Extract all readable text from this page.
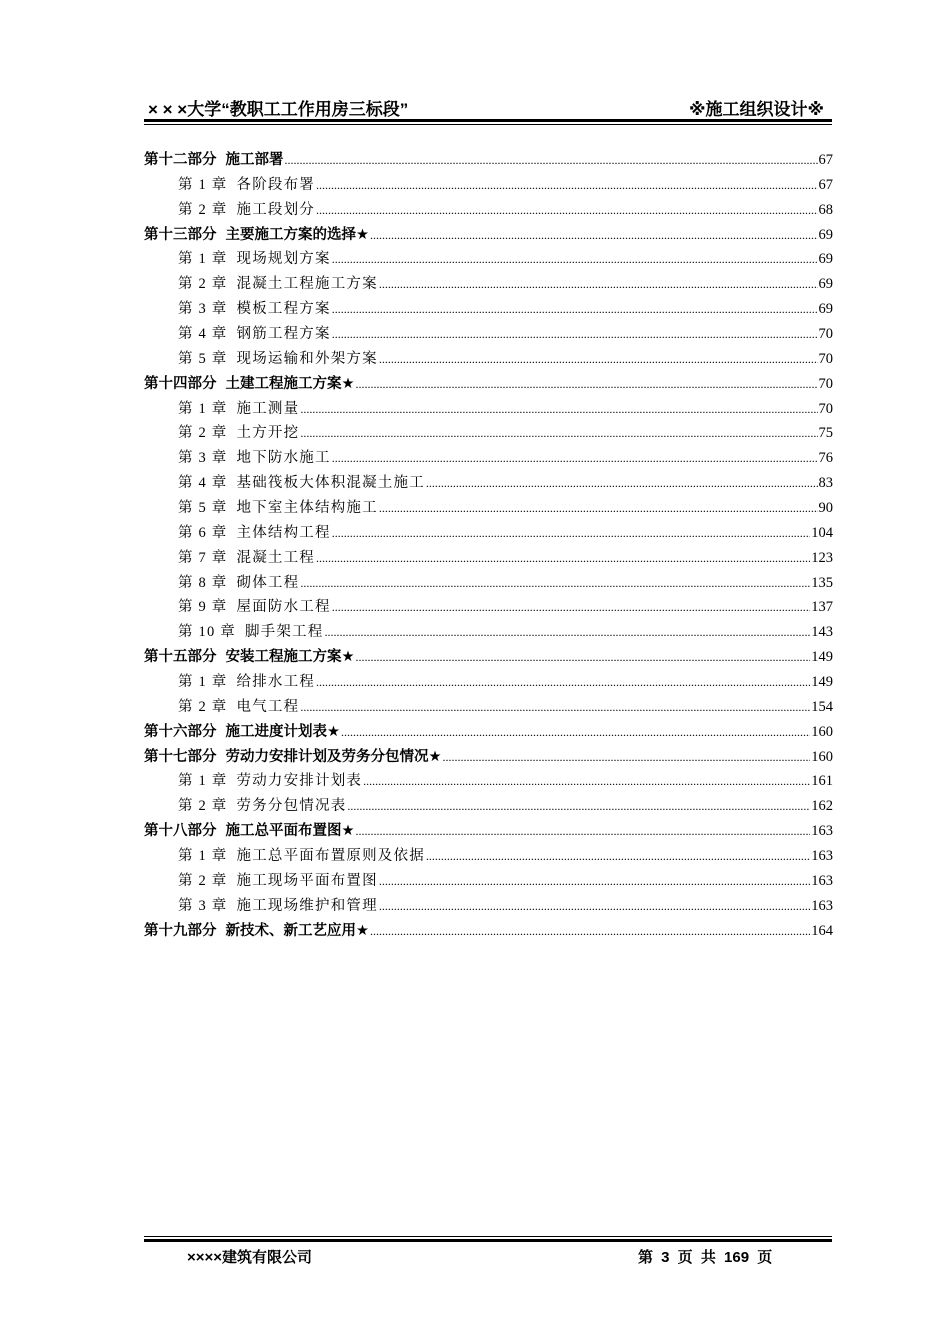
× × ×大学“教职工工作用房三标段”	※施工组织设计※
第十二部分 施工部署 .....	67
第 1 章 各阶段布署 .....	67
第 2 章 施工段划分 .....	68
第十三部分 主要施工方案的选择★ .....	69
第 1 章 现场规划方案 .....	69
第 2 章 混凝土工程施工方案 .....	69
第 3 章 模板工程方案 .....	69
第 4 章 钢筋工程方案 .....	70
第 5 章 现场运输和外架方案 .....	70
第十四部分 土建工程施工方案★ .....	70
第 1 章 施工测量 .....	70
第 2 章 土方开挖 .....	75
第 3 章 地下防水施工 .....	76
第 4 章 基础筏板大体积混凝土施工 .....	83
第 5 章 地下室主体结构施工 .....	90
第 6 章 主体结构工程 .....	104
第 7 章 混凝土工程 .....	123
第 8 章 砌体工程 .....	135
第 9 章 屋面防水工程 .....	137
第 10 章 脚手架工程 .....	143
第十五部分 安装工程施工方案★ .....	149
第 1 章 给排水工程 .....	149
第 2 章 电气工程 .....	154
第十六部分 施工进度计划表★ .....	160
第十七部分 劳动力安排计划及劳务分包情况★ .....	160
第 1 章 劳动力安排计划表 .....	161
第 2 章 劳务分包情况表 .....	162
第十八部分 施工总平面布置图★ .....	163
第 1 章 施工总平面布置原则及依据 .....	163
第 2 章 施工现场平面布置图 .....	163
第 3 章 施工现场维护和管理 .....	163
第十九部分 新技术、新工艺应用★ .....	164
××××建筑有限公司	第 3 页 共 169 页
